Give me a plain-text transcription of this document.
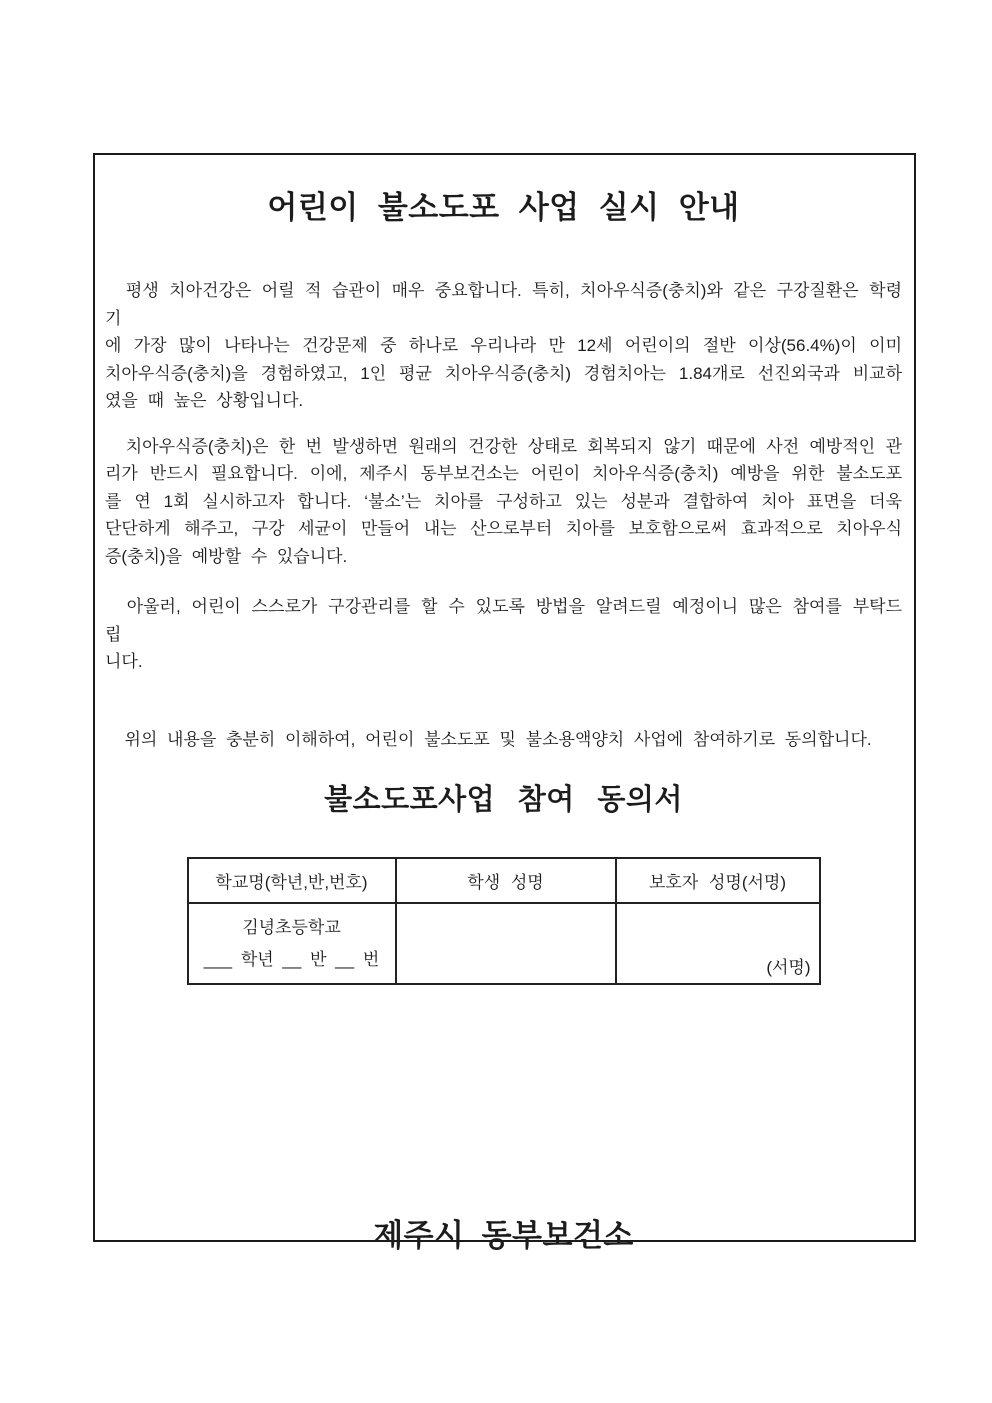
어린이 불소도포 사업 실시 안내
평생 치아건강은 어릴 적 습관이 매우 중요합니다. 특히, 치아우식증(충치)와 같은 구강질환은 학령기
에 가장 많이 나타나는 건강문제 중 하나로 우리나라 만 12세 어린이의 절반 이상(56.4%)이 이미
치아우식증(충치)을 경험하였고, 1인 평균 치아우식증(충치) 경험치아는 1.84개로 선진외국과 비교하
였을 때 높은 상황입니다.
치아우식증(충치)은 한 번 발생하면 원래의 건강한 상태로 회복되지 않기 때문에 사전 예방적인 관
리가 반드시 필요합니다. 이에, 제주시 동부보건소는 어린이 치아우식증(충치) 예방을 위한 불소도포
를 연 1회 실시하고자 합니다. ‘불소’는 치아를 구성하고 있는 성분과 결합하여 치아 표면을 더욱
단단하게 해주고, 구강 세균이 만들어 내는 산으로부터 치아를 보호함으로써 효과적으로 치아우식
증(충치)을 예방할 수 있습니다.
아울러, 어린이 스스로가 구강관리를 할 수 있도록 방법을 알려드릴 예정이니 많은 참여를 부탁드립
니다.
위의 내용을 충분히 이해하여, 어린이 불소도포 및 불소용액양치 사업에 참여하기로 동의합니다.
불소도포사업 참여 동의서
학교명(학년,반,번호)	학생 성명	보호자 성명(서명)

김녕초등학교
___ 학년 __ 반 __ 번		(서명)
제주시 동부보건소
